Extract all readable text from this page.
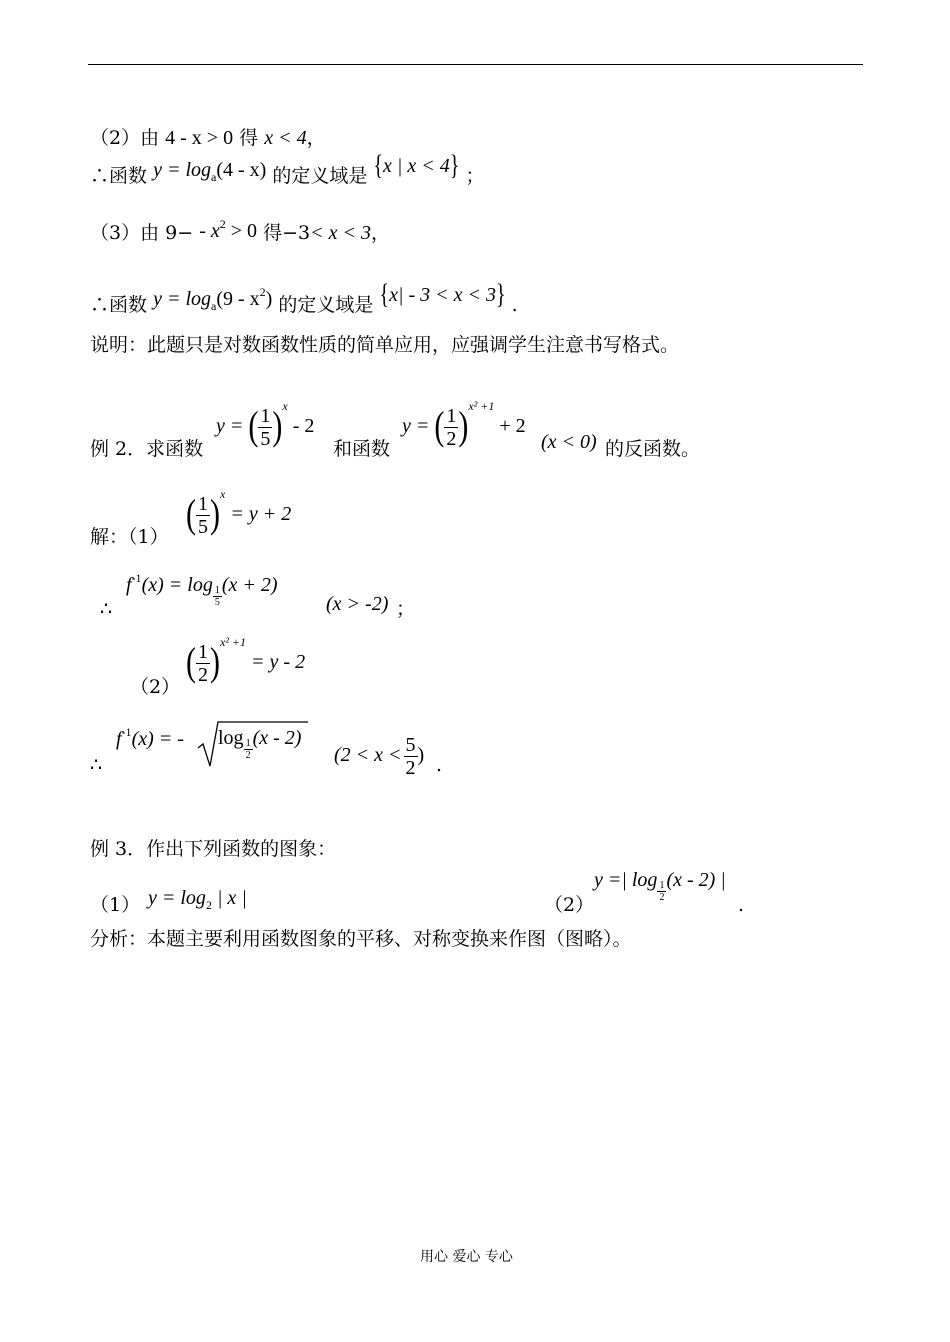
（2）由 4 - x > 0 得 x < 4，
∴函数 $y = \log_a(4 - x)$ 的定义域是 {x | x < 4} ；
（3）由 $9- - x^2 > 0$ 得−3< x < 3，
∴函数 $y = \log_a(9 - x^2)$ 的定义域是 {x| - 3 < x < 3} .
说明：此题只是对数函数性质的简单应用，应强调学生注意书写格式。
例 2．求函数
y = ( $\frac{1}{5} )^x - 2$
和函数
y = ( $\frac{1}{2} )^{x^2 +1} + 2$
(x < 0) 的反函数。
解：（1） ( $\frac{1}{5} )^x = y + 2$
∴
$f^{-1}(x) = \log \frac{1}{5} (x + 2)$
(x > -2) ；
（2）
( $\frac{1}{2} )^{x^2 +1} = y - 2$
∴
$f^{-1}(x)$ = - $\log \frac{1}{2} (x - 2)$
($2 < x < \frac{5}{2}$ ) .
例 3．作出下列函数的图象：
（1） $y = \log_2$ | x |	（2）
y =| $\log \frac{1}{2} (x - 2)$ |
.
分析：本题主要利用函数图象的平移、对称变换来作图（图略）。
用心 爱心 专心
